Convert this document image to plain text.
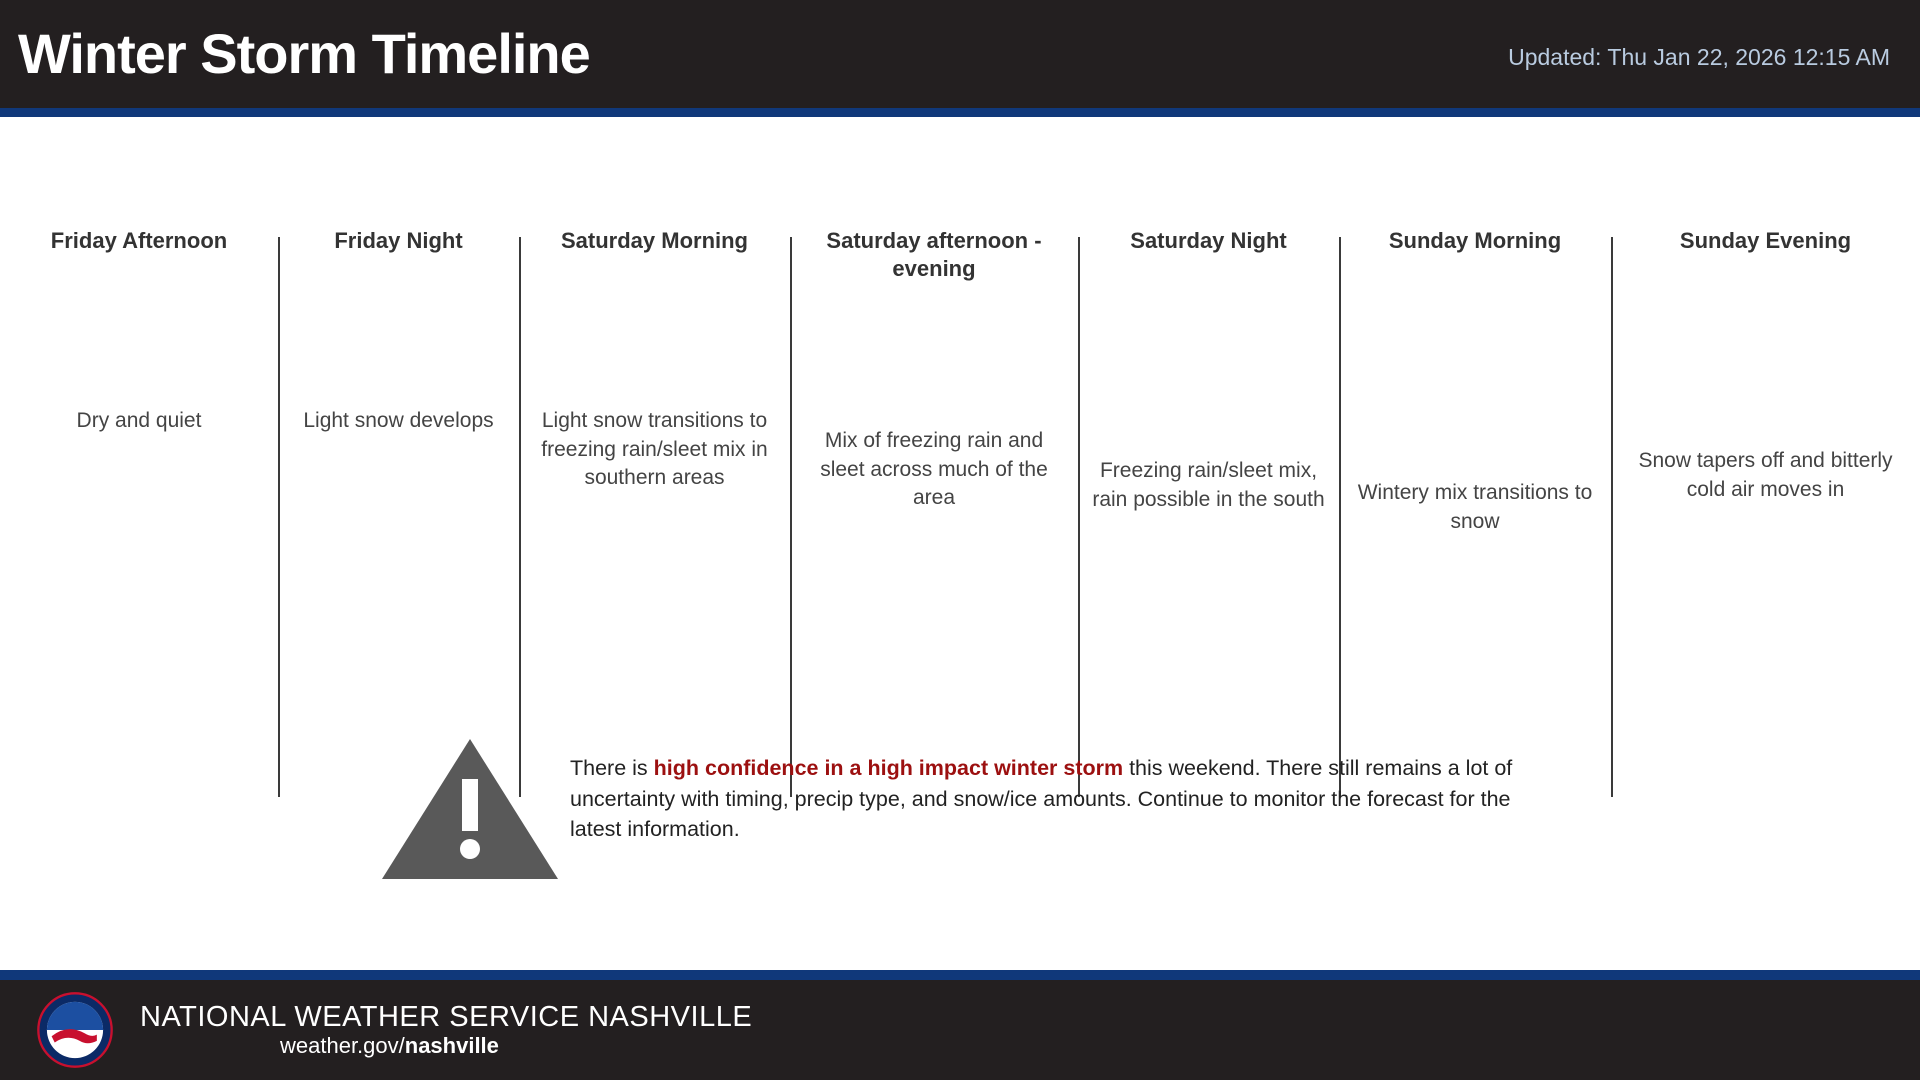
Winter Storm Timeline	Updated: Thu Jan 22, 2026 12:15 AM
Friday Afternoon
Dry and quiet
Friday Night
Light snow develops
Saturday Morning
Light snow transitions to freezing rain/sleet mix in southern areas
Saturday afternoon - evening
Mix of freezing rain and sleet across much of the area
Saturday Night
Freezing rain/sleet mix, rain possible in the south
Sunday Morning
Wintery mix transitions to snow
Sunday Evening
Snow tapers off and bitterly cold air moves in
There is high confidence in a high impact winter storm this weekend. There still remains a lot of uncertainty with timing, precip type, and snow/ice amounts. Continue to monitor the forecast for the latest information.
NATIONAL WEATHER SERVICE NASHVILLE
weather.gov/nashville
